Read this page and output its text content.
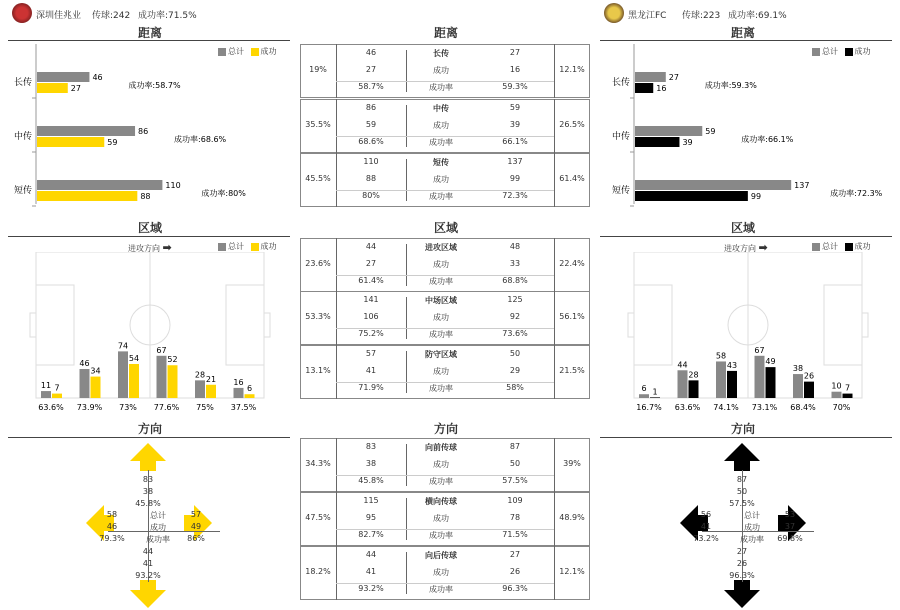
深圳佳兆业 传球:242 成功率:71.5%	黑龙江FC 传球:223 成功率:69.1%
距离	距离	距离
区域	区域	区域
方向	方向	方向
总计 成功	总计 成功
总计 成功	总计 成功
进攻方向 ➡	进攻方向 ➡
长传
46
27	成功率:58.7%
中传
86
59	成功率:68.6%
短传
110
88	成功率:80%
长传
27
16	成功率:59.3%
中传
59
39	成功率:66.1%
短传
137
99	成功率:72.3%
11 7
63.6%
46
34
73.9%
74
54
73%
67
52
77.6%
28 21
75%
16
6
37.5%
6 1
16.7%
44
28
63.6%
58
43
74.1%
67
49
73.1%
38
26
68.4%
10 7
70%
19%	12.1%
长传
成功
成功率
46	27
27	16
58.7%	59.3%
35.5%	26.5%
中传
成功
成功率
86	59
59	39
68.6%	66.1%
45.5%	61.4%
短传
成功
成功率
110	137
88	99
80%	72.3%
23.6%	22.4%
进攻区域
成功
成功率
44	48
27	33
61.4%	68.8%
53.3%	56.1%
中场区域
成功
成功率
141	125
106	92
75.2%	73.6%
13.1%	21.5%
防守区域
成功
成功率
57	50
41	29
71.9%	58%
34.3%	39%
向前传球
成功
成功率
83	87
38	50
45.8%	57.5%
47.5%	48.9%
横向传球
成功
成功率
115	109
95	78
82.7%	71.5%
18.2%	12.1%
向后传球
成功
成功率
44	27
41	26
93.2%	96.3%
83
38
45.8%
58
46
79.3%
总计
成功
成功率
57
49
86%
44
41
93.2%
87
50
57.5%
56
41
73.2%
总计
成功
成功率
53
37
69.8%
27
26
96.3%
